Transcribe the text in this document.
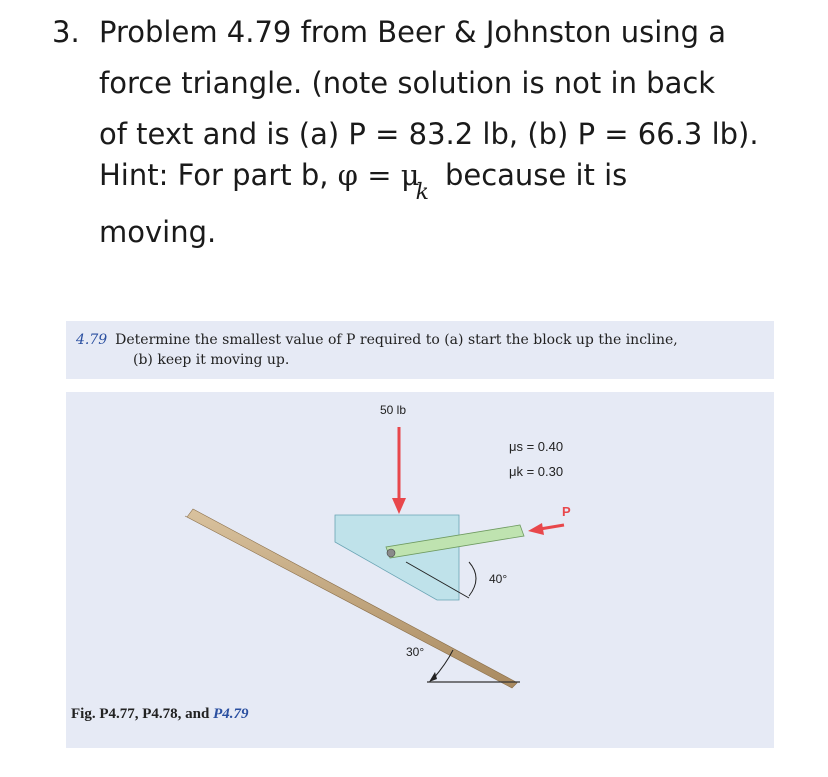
3. Problem 4.79 from Beer & Johnston using a
force triangle. (note solution is not in back
of text and is (a) P = 83.2 lb, (b) P = 66.3 lb).
Hint: For part b, $\varphi = \mu_kbecause$ it is
moving.
4.79 Determine the smallest value of P required to (a) start the block up the incline,
(b) keep it moving up.
50 lb
P
μs = 0.40
μk = 0.30
40°
30°
Fig. P4.77, P4.78, and P4.79
